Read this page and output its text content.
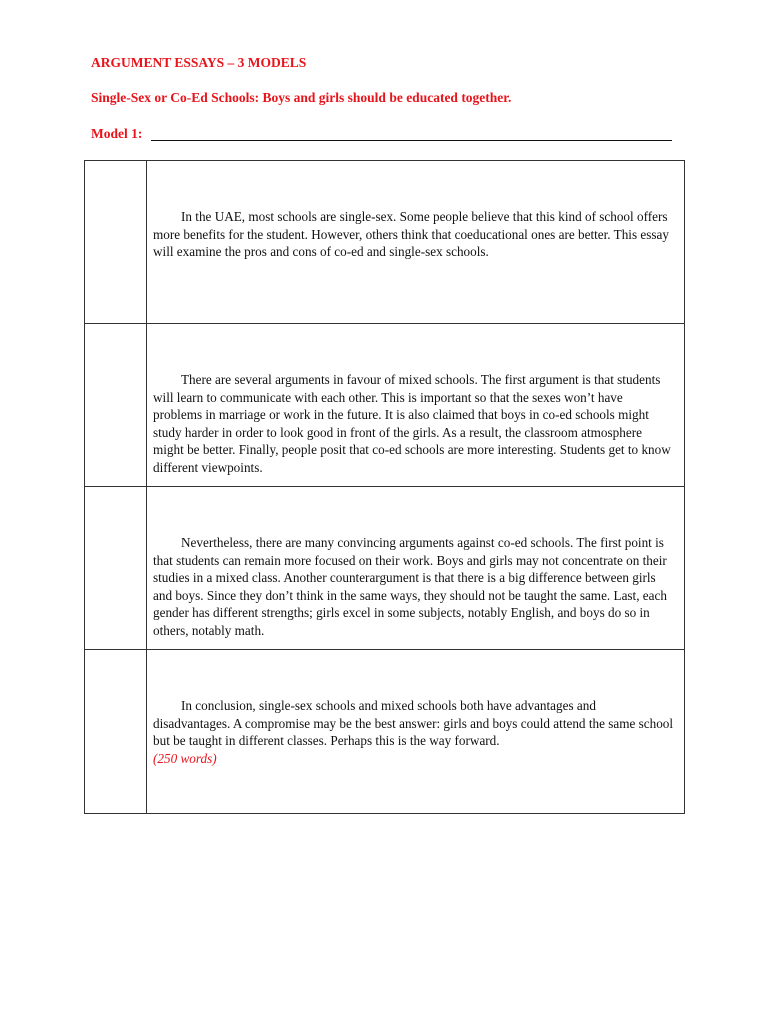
ARGUMENT ESSAYS – 3 MODELS
Single-Sex or Co-Ed Schools: Boys and girls should be educated together.
Model 1:

In the UAE, most schools are single-sex. Some people believe that this kind of school offers more benefits for the student. However, others think that coeducational ones are better. This essay will examine the pros and cons of co-ed and single-sex schools.

There are several arguments in favour of mixed schools. The first argument is that students will learn to communicate with each other. This is important so that the sexes won’t have problems in marriage or work in the future. It is also claimed that boys in co-ed schools might study harder in order to look good in front of the girls. As a result, the classroom atmosphere might be better. Finally, people posit that co-ed schools are more interesting. Students get to know different viewpoints.

Nevertheless, there are many convincing arguments against co-ed schools. The first point is that students can remain more focused on their work. Boys and girls may not concentrate on their studies in a mixed class. Another counterargument is that there is a big difference between girls and boys. Since they don’t think in the same ways, they should not be taught the same. Last, each gender has different strengths; girls excel in some subjects, notably English, and boys do so in others, notably math.

In conclusion, single-sex schools and mixed schools both have advantages and disadvantages. A compromise may be the best answer: girls and boys could attend the same school but be taught in different classes. Perhaps this is the way forward.

(250 words)
